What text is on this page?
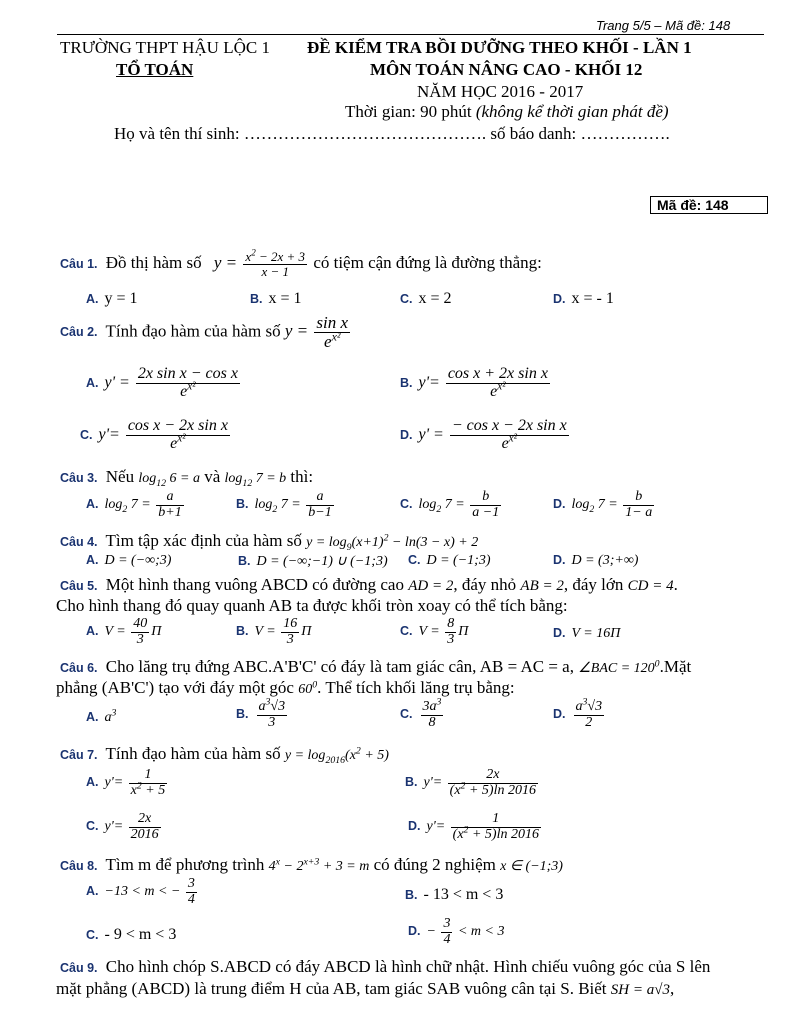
Trang 5/5 – Mã đề: 148
TRƯỜNG THPT HẬU LỘC 1
TỔ TOÁN
ĐỀ KIỂM TRA BỒI DƯỠNG THEO KHỐI - LẦN 1
MÔN TOÁN NÂNG CAO - KHỐI 12
NĂM HỌC 2016 - 2017
Thời gian: 90 phút (không kể thời gian phát đề)
Họ và tên thí sinh: ……………………………………. số báo danh: …………….
Mã đề: 148
Câu 1. Đồ thị hàm số $y = \frac{x^2 - 2x + 3}{x - 1}$ có tiệm cận đứng là đường thẳng:
A. y = 1	B. x = 1	C. x = 2	D. x = - 1
Câu 2. Tính đạo hàm của hàm số $y = \frac{\text{sin x}}{e^{x^2}}$
A. $y' = \frac{\text{2x sin x − cos x}}{e^{x^2}}$	B. $y'= \frac{\text{cos x + 2x sin x}}{e^{x^2}}$
C. $y'= \frac{\text{cos x − 2x sin x}}{e^{x^2}}$	D. $y' = \frac{\text{− cos x − 2x sin x}}{e^{x^2}}$
Câu 3. Nếu $\log_{12} 6 = a$ và $\log_{12} 7 = b$ thì:
A. $\log_2 7 = \frac{a}{b+1}$	B. $\log_2 7 = \frac{a}{b-1}$	C. $\log_2 7 = \frac{b}{a -1}$	D. $\log_2 7 = \frac{b}{1- a}$
Câu 4. Tìm tập xác định của hàm số $y = \log_9(x+1)^2 - \ln(3 - x) + 2$
A. D = (−∞;3)	B. D = (−∞;−1) ∪ (−1;3) C. D = (−1;3)	D. D = (3;+∞)
Câu 5. Một hình thang vuông ABCD có đường cao AD = 2, đáy nhỏ AB = 2, đáy lớn CD = 4.
Cho hình thang đó quay quanh AB ta được khối tròn xoay có thể tích bằng:
A. $V = \frac{40}{3}$ Π	B. $V = \frac{16}{3}$ Π	C. $V = \frac{8}{3}$ Π	D. V = 16Π
Câu 6. Cho lăng trụ đứng ABC.A'B'C' có đáy là tam giác cân, AB = AC = a, ∠BAC = $120^0.Mặt$
phẳng (AB'C') tạo với đáy một góc $60^0$. Thể tích khối lăng trụ bằng:
A. $a^3$	B. $\frac{a^3√3}{3}$	C. $\frac{3a^3}{8}$	D. $\frac{a^3√3}{2}$
Câu 7. Tính đạo hàm của hàm số $y = \log_{2016}(x^2 + 5)$
A. $y'= \frac{1}{x^2 + 5}$	B. $y'= \frac{2x}{(x^2 + 5)\ln 2016}$
C. $y'= \frac{2x}{2016}$	D. $y'= \frac{1}{(x^2 + 5)\ln 2016}$
Câu 8. Tìm m để phương trình $4^x - 2^{x+3} + 3 = m$ có đúng 2 nghiệm x ∈ (−1;3)
A. −13 < m < − $\frac{3}{4}$	B. - 13 < m < 3
C. - 9 < m < 3	D. − $\frac{3}{4} < m < 3$
Câu 9. Cho hình chóp S.ABCD có đáy ABCD là hình chữ nhật. Hình chiếu vuông góc của S lên
mặt phẳng (ABCD) là trung điểm H của AB, tam giác SAB vuông cân tại S. Biết SH = a√3,
